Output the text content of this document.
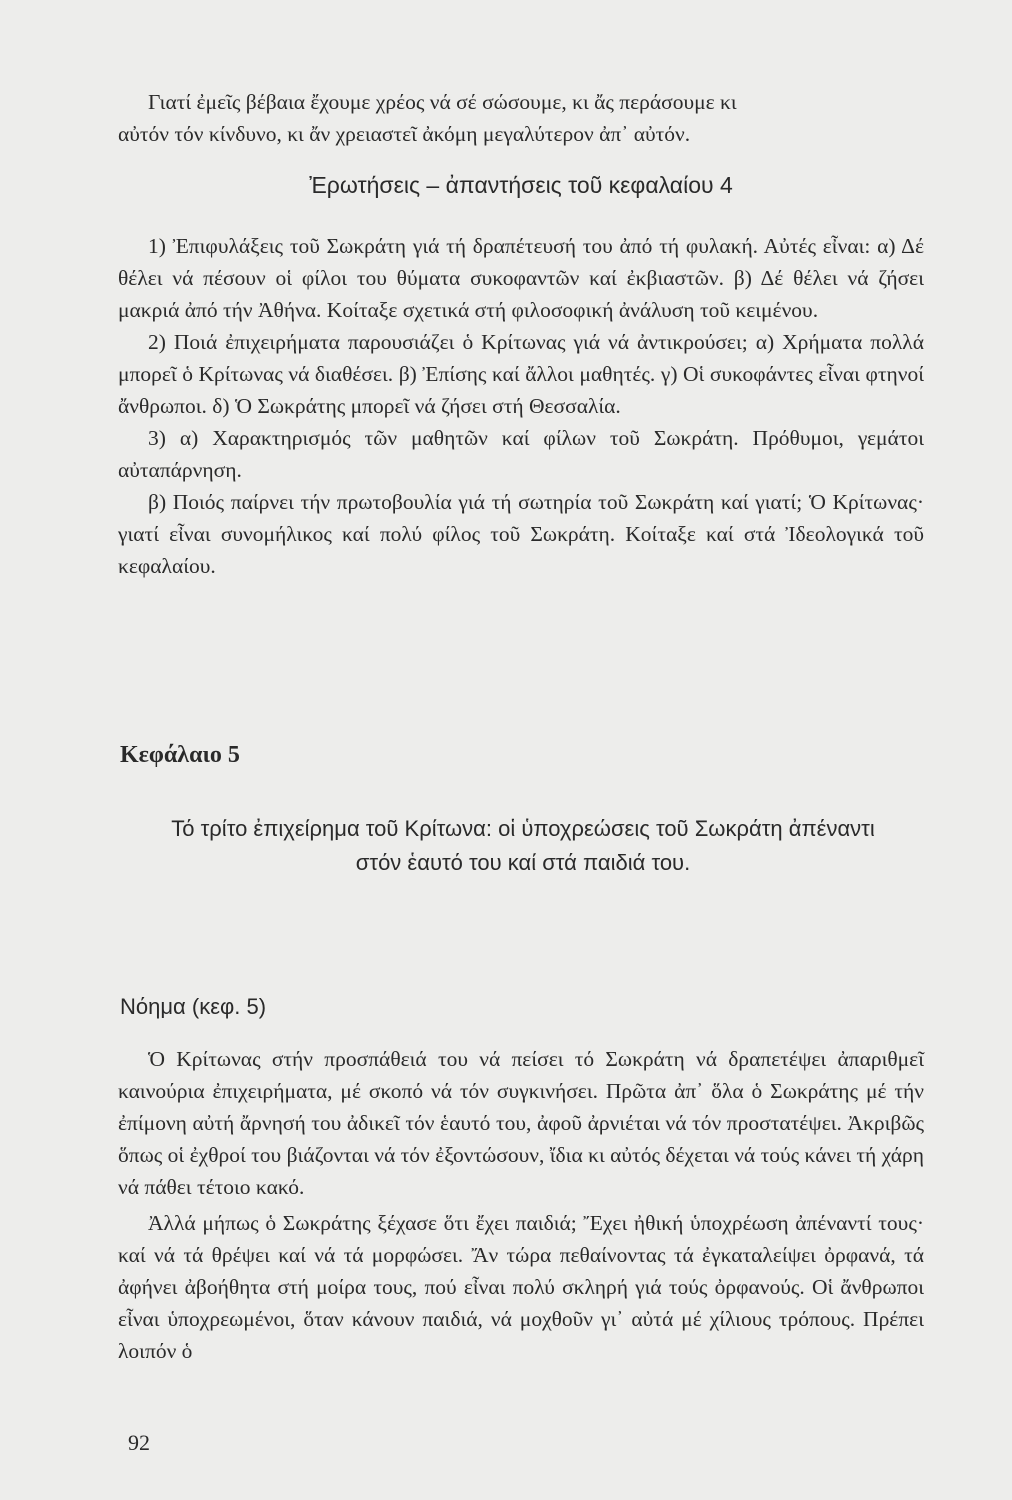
Γιατί ἐμεῖς βέβαια ἔχουμε χρέος νά σέ σώσουμε, κι ἄς περάσουμε κι

αὐτόν τόν κίνδυνο, κι ἄν χρειαστεῖ ἀκόμη μεγαλύτερον ἀπ᾽ αὐτόν.

Ἐρωτήσεις – ἀπαντήσεις τοῦ κεφαλαίου 4

1) Ἐπιφυλάξεις τοῦ Σωκράτη γιά τή δραπέτευσή του ἀπό τή φυλακή. Αὐτές εἶναι: α) Δέ θέλει νά πέσουν οἱ φίλοι του θύματα συκοφαντῶν καί ἐκβιαστῶν. β) Δέ θέλει νά ζήσει μακριά ἀπό τήν Ἀθήνα. Κοίταξε σχετικά στή φιλοσοφική ἀνάλυση τοῦ κειμένου.

2) Ποιά ἐπιχειρήματα παρουσιάζει ὁ Κρίτωνας γιά νά ἀντικρούσει; α) Χρήματα πολλά μπορεῖ ὁ Κρίτωνας νά διαθέσει. β) Ἐπίσης καί ἄλλοι μαθητές. γ) Οἱ συκοφάντες εἶναι φτηνοί ἄνθρωποι. δ) Ὁ Σωκράτης μπορεῖ νά ζήσει στή Θεσσαλία.

3) α) Χαρακτηρισμός τῶν μαθητῶν καί φίλων τοῦ Σωκράτη. Πρόθυμοι, γεμάτοι αὐταπάρνηση.

β) Ποιός παίρνει τήν πρωτοβουλία γιά τή σωτηρία τοῦ Σωκράτη καί γιατί; Ὁ Κρίτωνας· γιατί εἶναι συνομήλικος καί πολύ φίλος τοῦ Σωκράτη. Κοίταξε καί στά Ἰδεολογικά τοῦ κεφαλαίου.

Κεφάλαιο 5
Τό τρίτο ἐπιχείρημα τοῦ Κρίτωνα: οἱ ὑποχρεώσεις τοῦ Σωκράτη ἀπέναντι
στόν ἑαυτό του καί στά παιδιά του.
Νόημα (κεφ. 5)

Ὁ Κρίτωνας στήν προσπάθειά του νά πείσει τό Σωκράτη νά δραπετέψει ἀπαριθμεῖ καινούρια ἐπιχειρήματα, μέ σκοπό νά τόν συγκινήσει. Πρῶτα ἀπ᾽ ὅλα ὁ Σωκράτης μέ τήν ἐπίμονη αὐτή ἄρνησή του ἀδικεῖ τόν ἑαυτό του, ἀφοῦ ἀρνιέται νά τόν προστατέψει. Ἀκριβῶς ὅπως οἱ ἐχθροί του βιάζονται νά τόν ἐξοντώσουν, ἴδια κι αὐτός δέχεται νά τούς κάνει τή χάρη νά πάθει τέτοιο κακό.

Ἀλλά μήπως ὁ Σωκράτης ξέχασε ὅτι ἔχει παιδιά; Ἔχει ἠθική ὑποχρέωση ἀπέναντί τους· καί νά τά θρέψει καί νά τά μορφώσει. Ἄν τώρα πεθαίνοντας τά ἐγκαταλείψει ὀρφανά, τά ἀφήνει ἀβοήθητα στή μοίρα τους, πού εἶναι πολύ σκληρή γιά τούς ὀρφανούς. Οἱ ἄνθρωποι εἶναι ὑποχρεωμένοι, ὅταν κάνουν παιδιά, νά μοχθοῦν γι᾽ αὐτά μέ χίλιους τρόπους. Πρέπει λοιπόν ὁ

92
